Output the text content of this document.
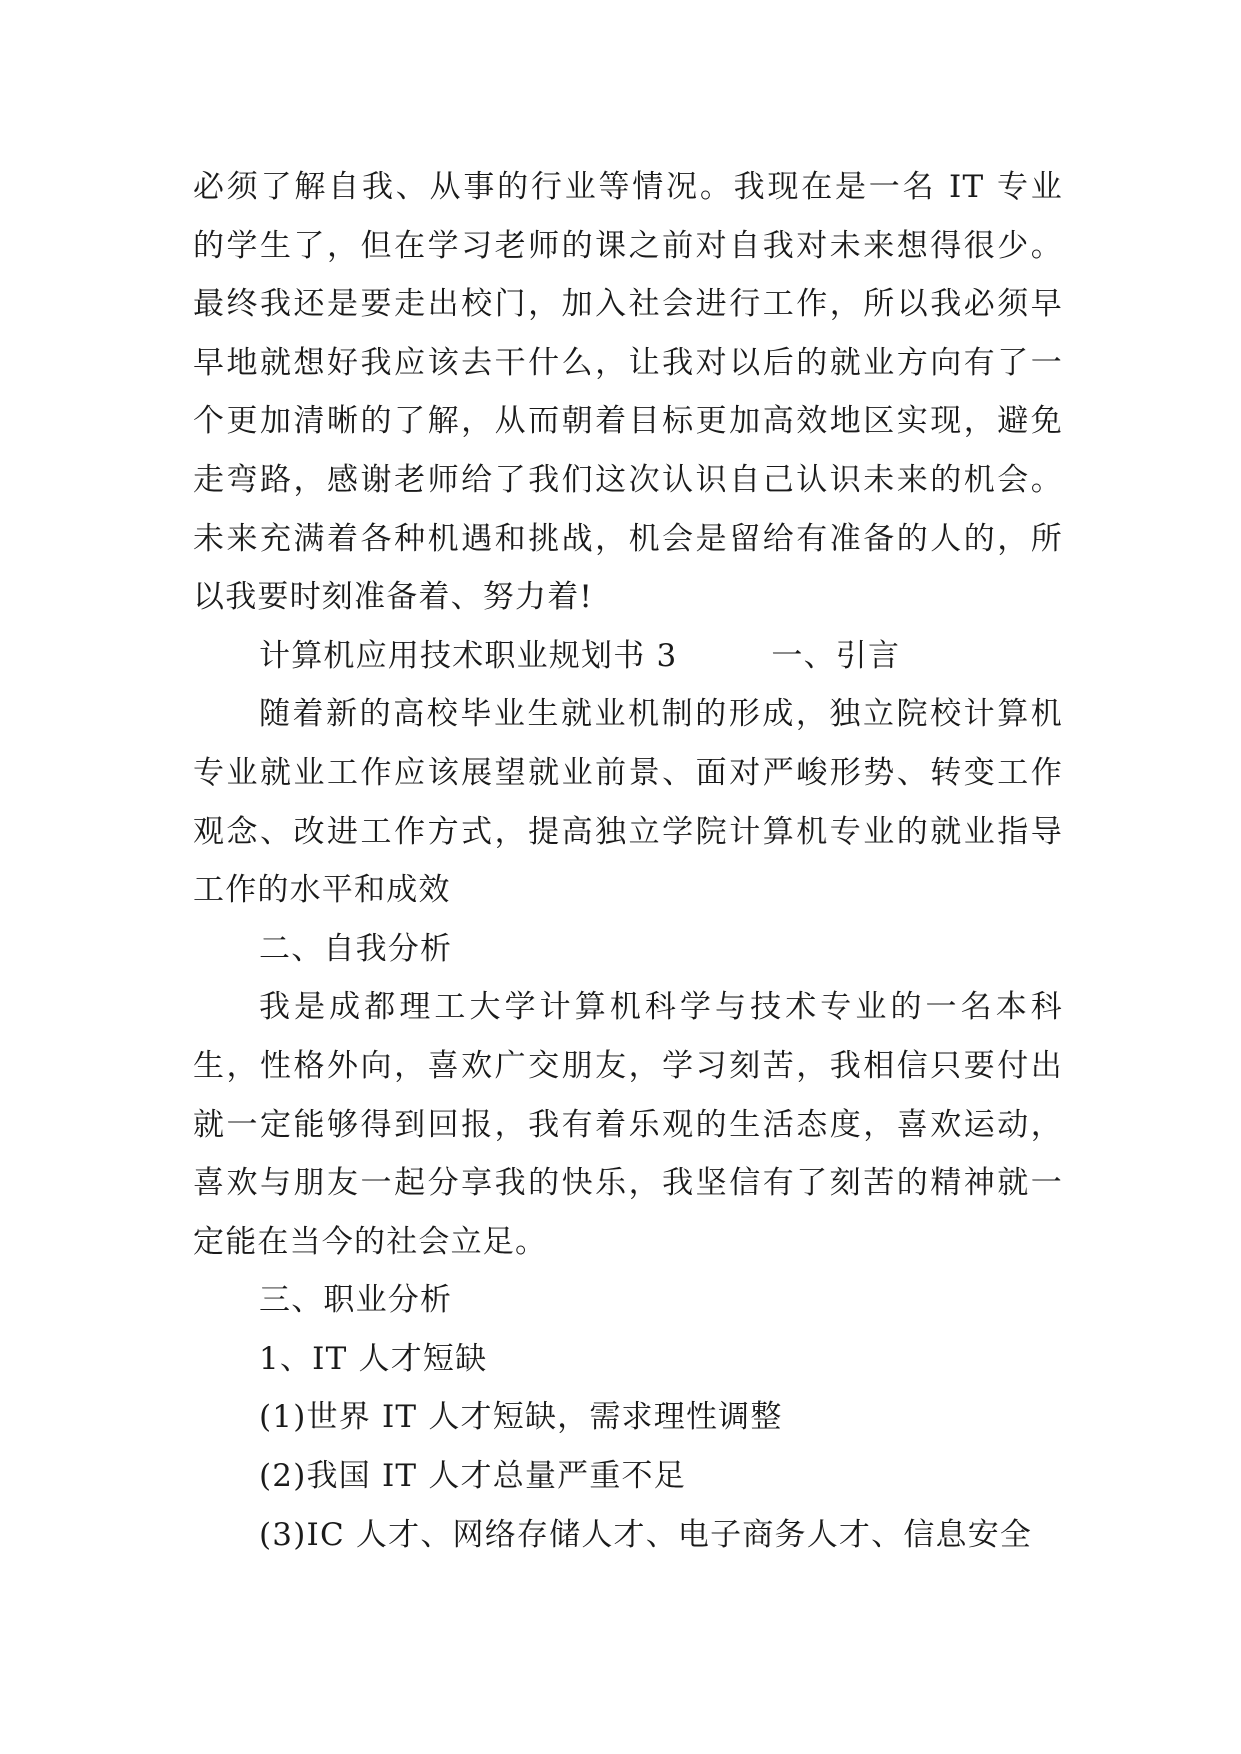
必须了解自我、从事的行业等情况。我现在是一名 IT 专业
的学生了，但在学习老师的课之前对自我对未来想得很少。
最终我还是要走出校门，加入社会进行工作，所以我必须早
早地就想好我应该去干什么，让我对以后的就业方向有了一
个更加清晰的了解，从而朝着目标更加高效地区实现，避免
走弯路，感谢老师给了我们这次认识自己认识未来的机会。
未来充满着各种机遇和挑战，机会是留给有准备的人的，所
以我要时刻准备着、努力着!
计算机应用技术职业规划书 3	一、引言
随着新的高校毕业生就业机制的形成，独立院校计算机
专业就业工作应该展望就业前景、面对严峻形势、转变工作
观念、改进工作方式，提高独立学院计算机专业的就业指导
工作的水平和成效
二、自我分析
我是成都理工大学计算机科学与技术专业的一名本科
生，性格外向，喜欢广交朋友，学习刻苦，我相信只要付出
就一定能够得到回报，我有着乐观的生活态度，喜欢运动，
喜欢与朋友一起分享我的快乐，我坚信有了刻苦的精神就一
定能在当今的社会立足。
三、职业分析
1、IT 人才短缺
(1)世界 IT 人才短缺，需求理性调整
(2)我国 IT 人才总量严重不足
(3)IC 人才、网络存储人才、电子商务人才、信息安全
